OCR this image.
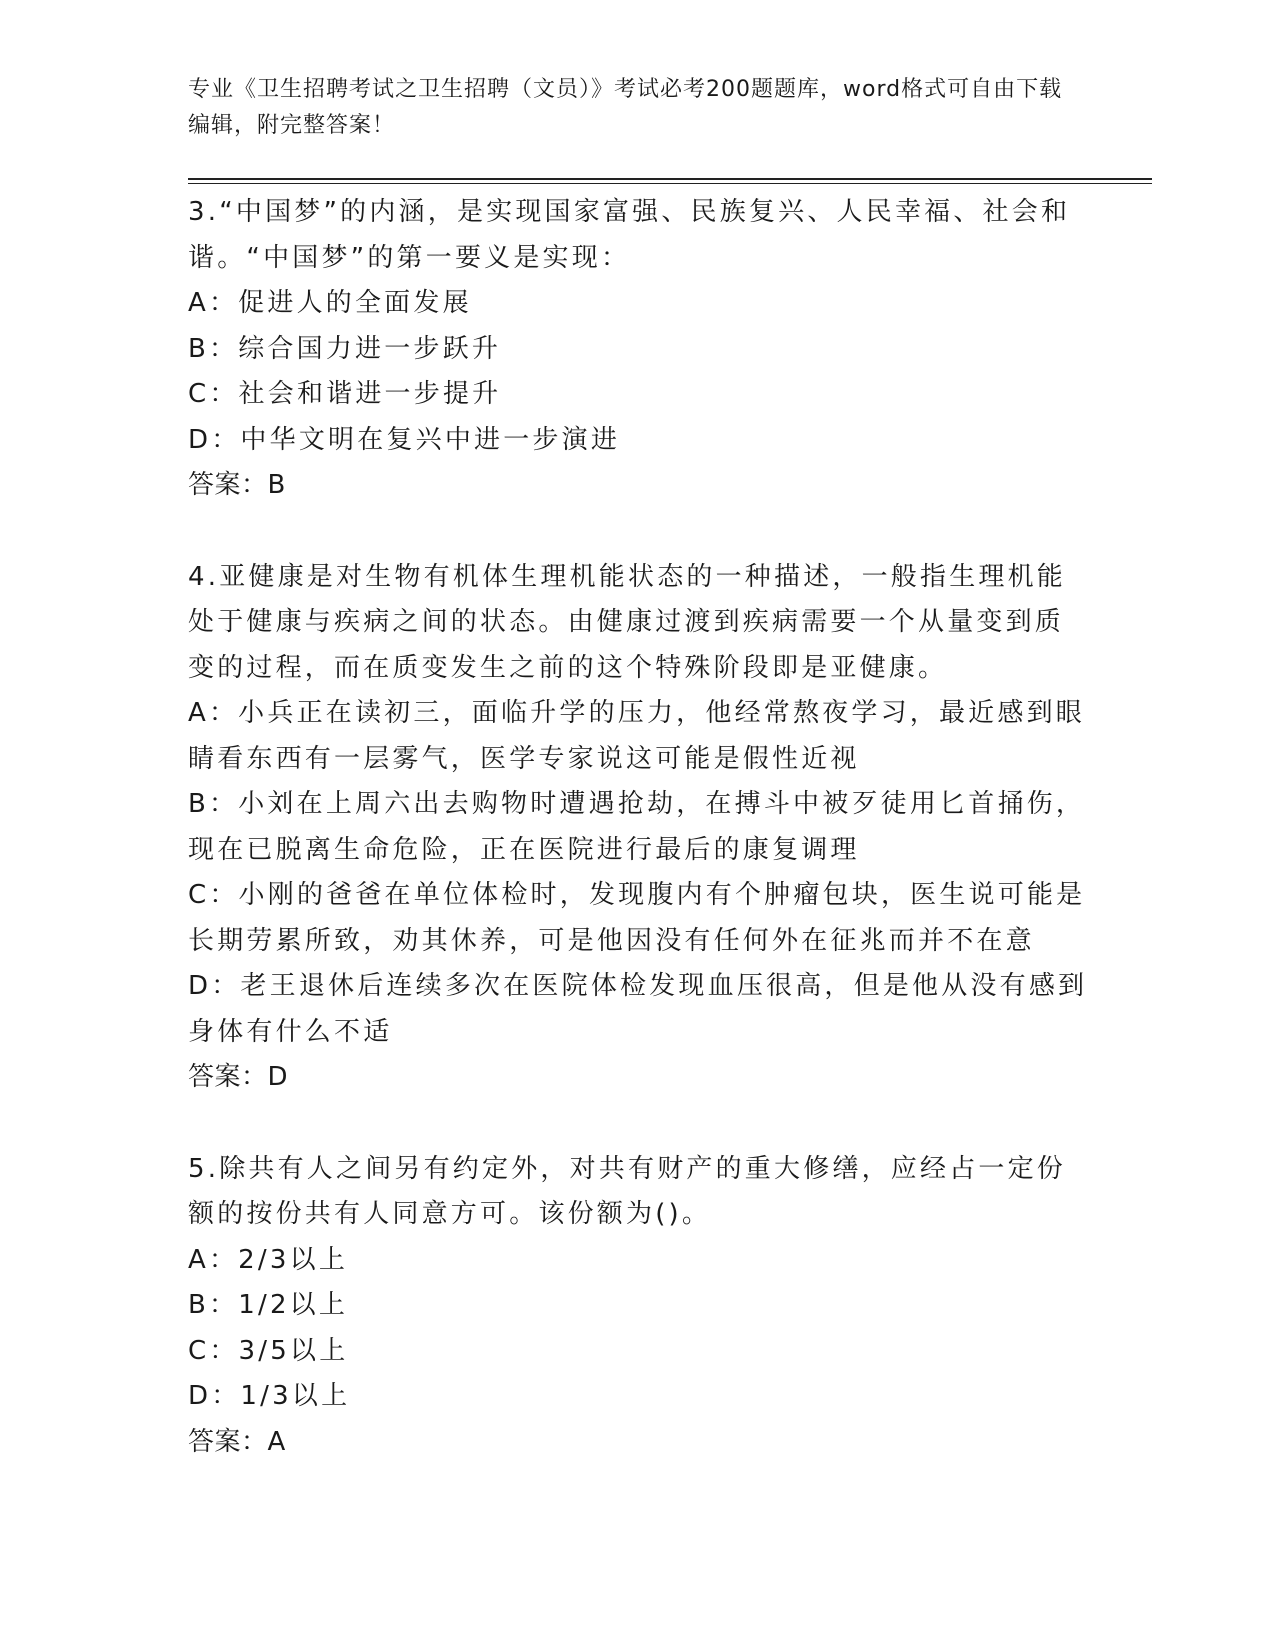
专业《卫生招聘考试之卫生招聘（文员）》考试必考200题题库，word格式可自由下载编辑，附完整答案！
3.“中国梦”的内涵，是实现国家富强、民族复兴、人民幸福、社会和谐。“中国梦”的第一要义是实现：
A：促进人的全面发展
B：综合国力进一步跃升
C：社会和谐进一步提升
D：中华文明在复兴中进一步演进
答案：B
4.亚健康是对生物有机体生理机能状态的一种描述，一般指生理机能处于健康与疾病之间的状态。由健康过渡到疾病需要一个从量变到质变的过程，而在质变发生之前的这个特殊阶段即是亚健康。
A：小兵正在读初三，面临升学的压力，他经常熬夜学习，最近感到眼睛看东西有一层雾气，医学专家说这可能是假性近视
B：小刘在上周六出去购物时遭遇抢劫，在搏斗中被歹徒用匕首捅伤，现在已脱离生命危险，正在医院进行最后的康复调理
C：小刚的爸爸在单位体检时，发现腹内有个肿瘤包块，医生说可能是长期劳累所致，劝其休养，可是他因没有任何外在征兆而并不在意
D：老王退休后连续多次在医院体检发现血压很高，但是他从没有感到身体有什么不适
答案：D
5.除共有人之间另有约定外，对共有财产的重大修缮，应经占一定份额的按份共有人同意方可。该份额为()。
A：2/3以上
B：1/2以上
C：3/5以上
D：1/3以上
答案：A
